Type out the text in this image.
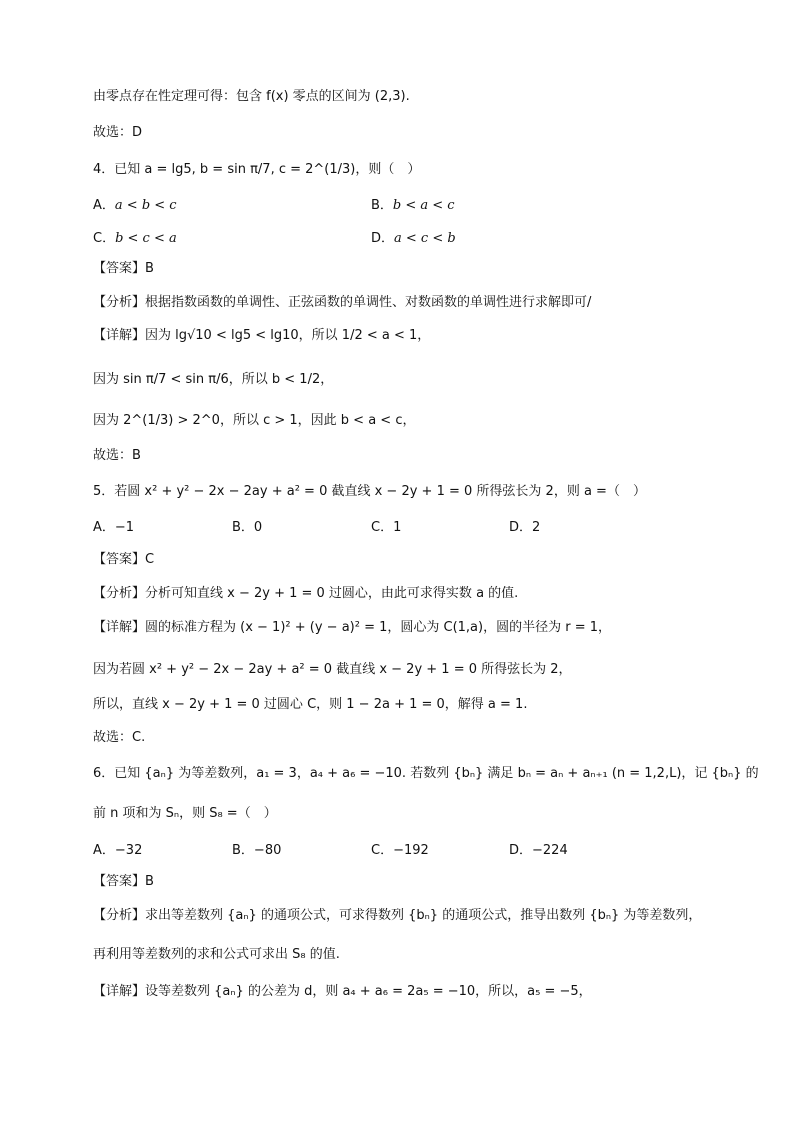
由零点存在性定理可得：包含 f(x) 零点的区间为 (2,3).
故选：D
4．已知 a = lg5, b = sin π/7, c = 2^(1/3)，则（　）
A．a < b < c	B．b < a < c
C．b < c < a	D．a < c < b
【答案】B
【分析】根据指数函数的单调性、正弦函数的单调性、对数函数的单调性进行求解即可/
【详解】因为 lg√10 < lg5 < lg10，所以 1/2 < a < 1，
因为 sin π/7 < sin π/6，所以 b < 1/2，
因为 2^(1/3) > 2^0，所以 c > 1，因此 b < a < c，
故选：B
5．若圆 x² + y² − 2x − 2ay + a² = 0 截直线 x − 2y + 1 = 0 所得弦长为 2，则 a =（　）
A．−1	B．0	C．1	D．2
【答案】C
【分析】分析可知直线 x − 2y + 1 = 0 过圆心，由此可求得实数 a 的值.
【详解】圆的标准方程为 (x − 1)² + (y − a)² = 1，圆心为 C(1,a)，圆的半径为 r = 1，
因为若圆 x² + y² − 2x − 2ay + a² = 0 截直线 x − 2y + 1 = 0 所得弦长为 2，
所以，直线 x − 2y + 1 = 0 过圆心 C，则 1 − 2a + 1 = 0，解得 a = 1.
故选：C.
6．已知 {aₙ} 为等差数列，a₁ = 3，a₄ + a₆ = −10. 若数列 {bₙ} 满足 bₙ = aₙ + aₙ₊₁ (n = 1,2,L)，记 {bₙ} 的
前 n 项和为 Sₙ，则 S₈ =（　）
A．−32	B．−80	C．−192	D．−224
【答案】B
【分析】求出等差数列 {aₙ} 的通项公式，可求得数列 {bₙ} 的通项公式，推导出数列 {bₙ} 为等差数列，
再利用等差数列的求和公式可求出 S₈ 的值.
【详解】设等差数列 {aₙ} 的公差为 d，则 a₄ + a₆ = 2a₅ = −10，所以，a₅ = −5，
